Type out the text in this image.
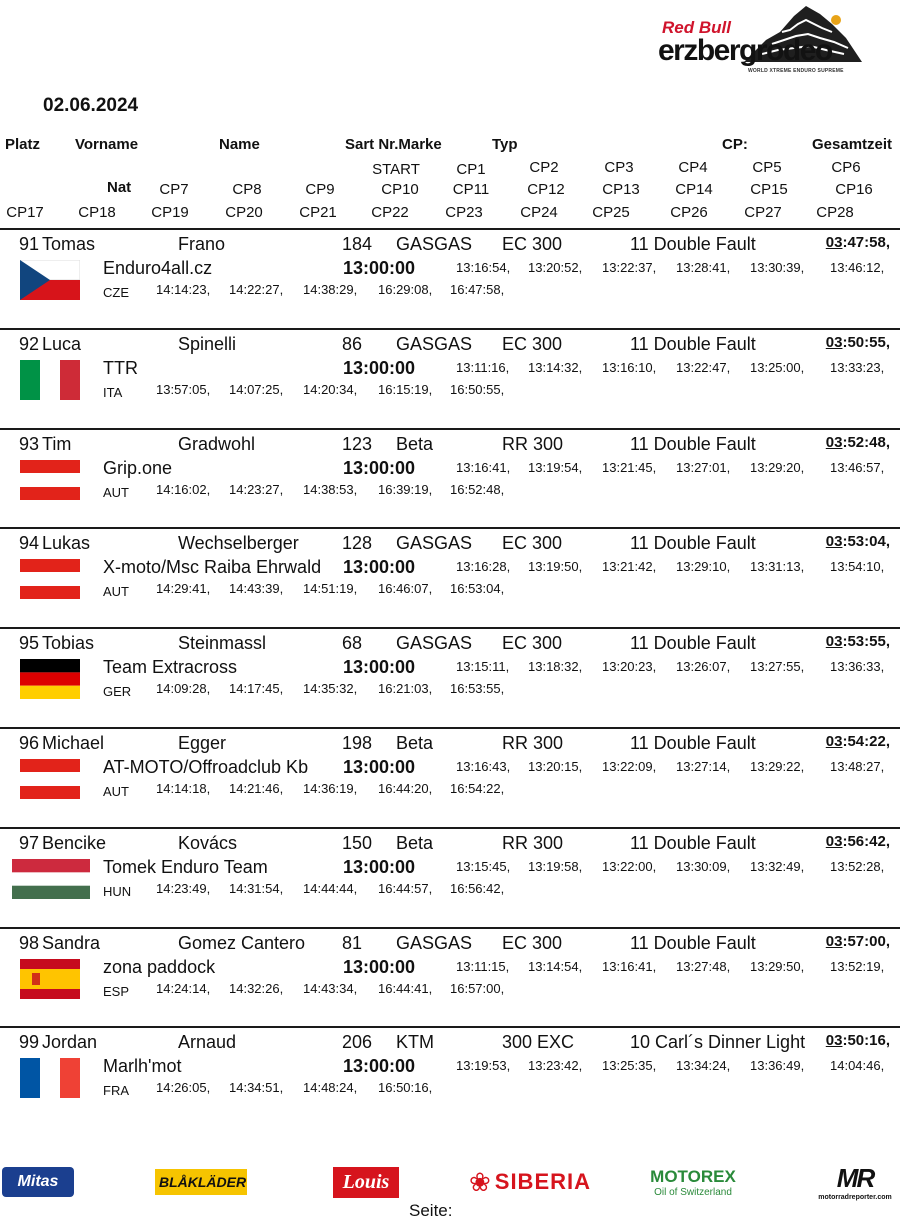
Red Bull
erzbergrodeo
WORLD XTREME ENDURO SUPREME
02.06.2024
Platz Vorname	Name	Sart Nr.Marke	Typ	CP:	Gesamtzeit
START CP1	CP2	CP3	CP4	CP5	CP6
Nat CP7	CP8	CP9	CP10 CP11	CP12 CP13 CP14 CP15	CP16
CP17 CP18 CP19 CP20 CP21 CP22 CP23 CP24 CP25	CP26 CP27 CP28
91 Tomas	Frano	184 GASGAS EC 300	11 Double Fault	03:47:58,
Enduro4all.cz	13:00:00	13:16:54, 13:20:52, 13:22:37, 13:28:41, 13:30:39, 13:46:12,
CZE 14:14:23, 14:22:27, 14:38:29, 16:29:08, 16:47:58,
92 Luca	Spinelli	86 GASGAS EC 300	11 Double Fault	03:50:55,
TTR	13:00:00	13:11:16, 13:14:32, 13:16:10, 13:22:47, 13:25:00, 13:33:23,
ITA	13:57:05, 14:07:25, 14:20:34, 16:15:19, 16:50:55,
93 Tim	Gradwohl	123 Beta	RR 300	11 Double Fault	03:52:48,
Grip.one	13:00:00	13:16:41, 13:19:54, 13:21:45, 13:27:01, 13:29:20, 13:46:57,
AUT 14:16:02, 14:23:27, 14:38:53, 16:39:19, 16:52:48,
94 Lukas	Wechselberger 128 GASGAS EC 300	11 Double Fault	03:53:04,
X-moto/Msc Raiba Ehrwald 13:00:00	13:16:28, 13:19:50, 13:21:42, 13:29:10, 13:31:13, 13:54:10,
AUT 14:29:41, 14:43:39, 14:51:19, 16:46:07, 16:53:04,
95 Tobias	Steinmassl	68 GASGAS EC 300	11 Double Fault	03:53:55,
Team Extracross	13:00:00	13:15:11, 13:18:32, 13:20:23, 13:26:07, 13:27:55, 13:36:33,
GER 14:09:28, 14:17:45, 14:35:32, 16:21:03, 16:53:55,
96 Michael	Egger	198 Beta	RR 300	11 Double Fault	03:54:22,
AT-MOTO/Offroadclub Kb 13:00:00	13:16:43, 13:20:15, 13:22:09, 13:27:14, 13:29:22, 13:48:27,
AUT 14:14:18, 14:21:46, 14:36:19, 16:44:20, 16:54:22,
97 Bencike	Kovács	150 Beta	RR 300	11 Double Fault	03:56:42,
Tomek Enduro Team	13:00:00	13:15:45, 13:19:58, 13:22:00, 13:30:09, 13:32:49, 13:52:28,
HUN 14:23:49, 14:31:54, 14:44:44, 16:44:57, 16:56:42,
98 Sandra	Gomez Cantero 81 GASGAS EC 300	11 Double Fault	03:57:00,
zona paddock	13:00:00	13:11:15, 13:14:54, 13:16:41, 13:27:48, 13:29:50, 13:52:19,
ESP 14:24:14, 14:32:26, 14:43:34, 16:44:41, 16:57:00,
99 Jordan	Arnaud	206 KTM	300 EXC	10 Carl´s Dinner Light 03:50:16,
Marlh'mot	13:00:00	13:19:53, 13:23:42, 13:25:35, 13:34:24, 13:36:49, 14:04:46,
FRA 14:26:05, 14:34:51, 14:48:24, 16:50:16,
Mitas	BLÅKLÄDER	Louis	❀ SIBERIA	MOTOREX
Oil of Switzerland	MR
motorradreporter.com
Seite:
